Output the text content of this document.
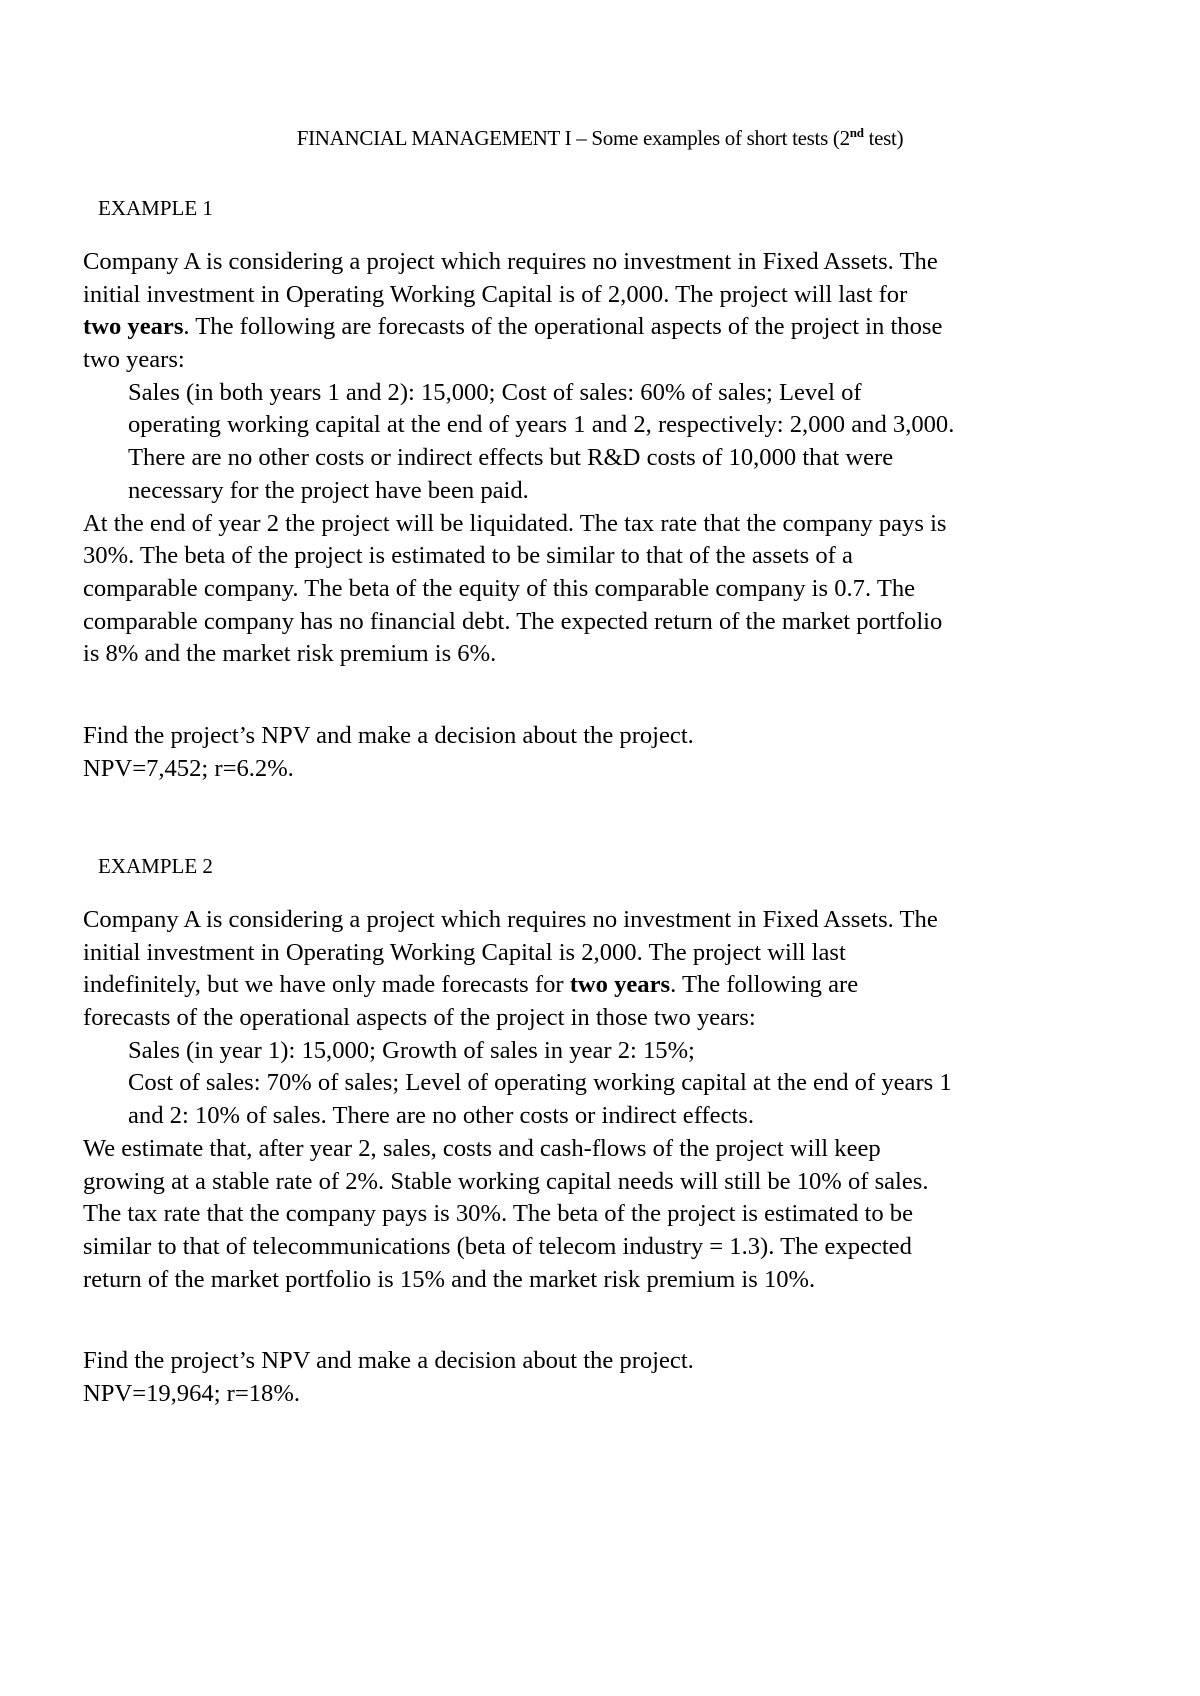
FINANCIAL MANAGEMENT I – Some examples of short tests (2nd test)
EXAMPLE 1
Company A is considering a project which requires no investment in Fixed Assets. The
initial investment in Operating Working Capital is of 2,000. The project will last for
two years. The following are forecasts of the operational aspects of the project in those
two years:
Sales (in both years 1 and 2): 15,000; Cost of sales: 60% of sales; Level of
operating working capital at the end of years 1 and 2, respectively: 2,000 and 3,000.
There are no other costs or indirect effects but R&D costs of 10,000 that were
necessary for the project have been paid.
At the end of year 2 the project will be liquidated. The tax rate that the company pays is
30%. The beta of the project is estimated to be similar to that of the assets of a
comparable company. The beta of the equity of this comparable company is 0.7. The
comparable company has no financial debt. The expected return of the market portfolio
is 8% and the market risk premium is 6%.
Find the project’s NPV and make a decision about the project.
NPV=7,452; r=6.2%.
EXAMPLE 2
Company A is considering a project which requires no investment in Fixed Assets. The
initial investment in Operating Working Capital is 2,000. The project will last
indefinitely, but we have only made forecasts for two years. The following are
forecasts of the operational aspects of the project in those two years:
Sales (in year 1): 15,000; Growth of sales in year 2: 15%;
Cost of sales: 70% of sales; Level of operating working capital at the end of years 1
and 2: 10% of sales. There are no other costs or indirect effects.
We estimate that, after year 2, sales, costs and cash-flows of the project will keep
growing at a stable rate of 2%. Stable working capital needs will still be 10% of sales.
The tax rate that the company pays is 30%. The beta of the project is estimated to be
similar to that of telecommunications (beta of telecom industry = 1.3). The expected
return of the market portfolio is 15% and the market risk premium is 10%.
Find the project’s NPV and make a decision about the project.
NPV=19,964; r=18%.
